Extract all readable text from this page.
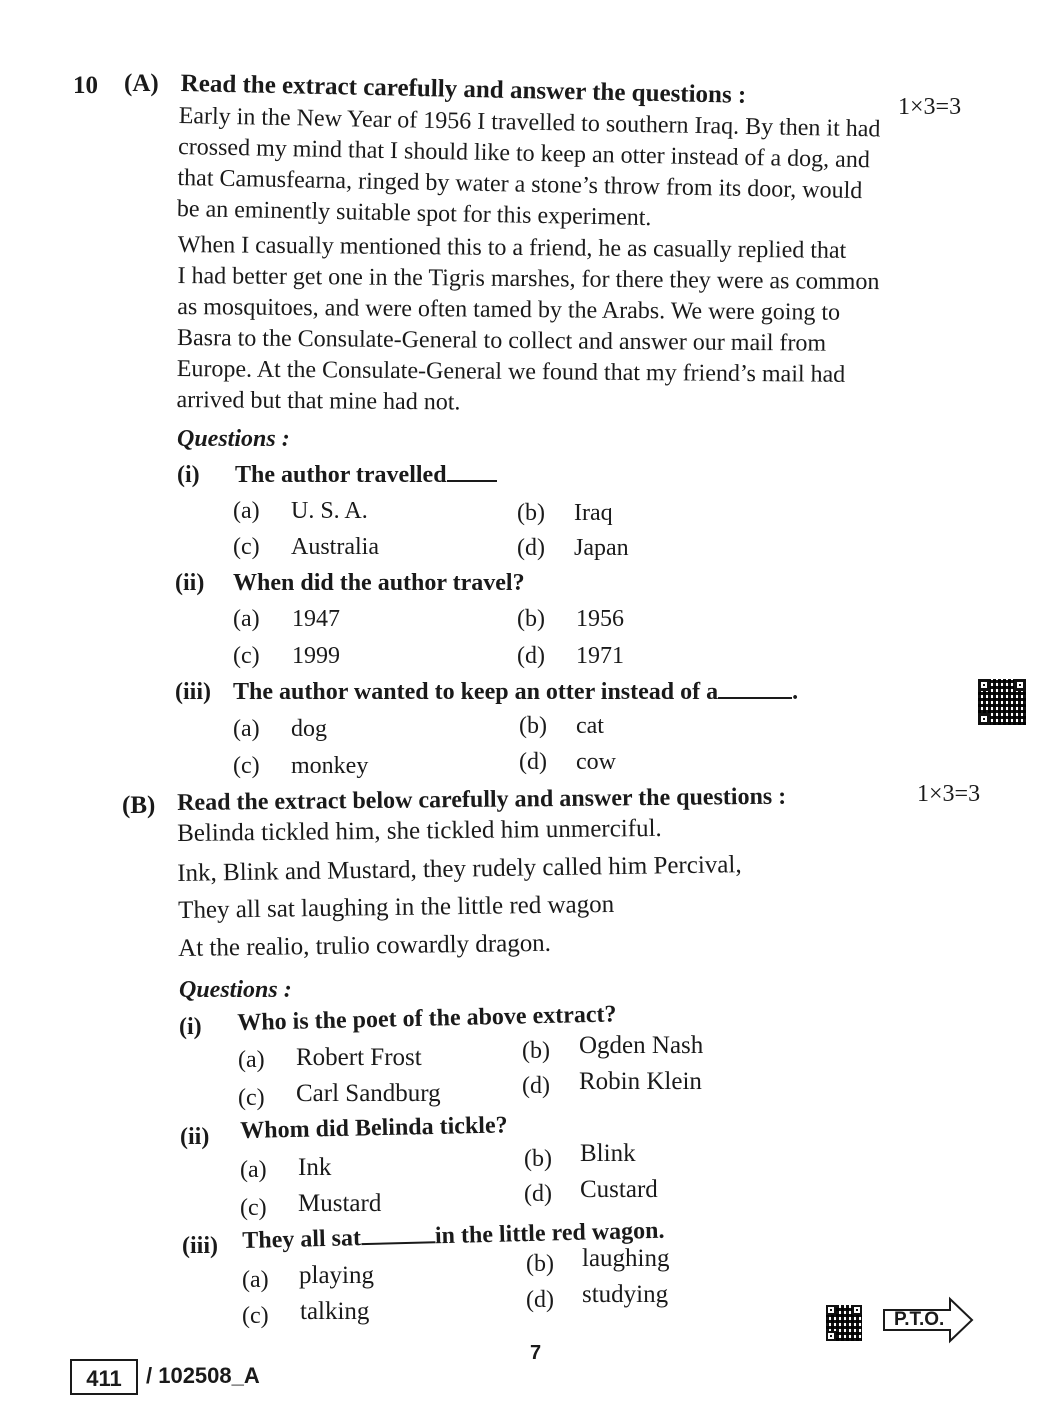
10 (A) Read the extract carefully and answer the questions :	1×3=3
Early in the New Year of 1956 I travelled to southern Iraq. By then it had
crossed my mind that I should like to keep an otter instead of a dog, and
that Camusfearna, ringed by water a stone’s throw from its door, would
be an eminently suitable spot for this experiment.
When I casually mentioned this to a friend, he as casually replied that
I had better get one in the Tigris marshes, for there they were as common
as mosquitoes, and were often tamed by the Arabs. We were going to
Basra to the Consulate-General to collect and answer our mail from
Europe. At the Consulate-General we found that my friend’s mail had
arrived but that mine had not.
Questions :
(i) The author travelled
(a) U. S. A.	(b) Iraq
(c) Australia	(d) Japan
(ii) When did the author travel?
(a) 1947	(b) 1956
(c) 1999	(d) 1971
(iii) The author wanted to keep an otter instead of a	.
(a) dog	(b) cat
(c) monkey	(d) cow
(B) Read the extract below carefully and answer the questions :	1×3=3
Belinda tickled him, she tickled him unmerciful.
Ink, Blink and Mustard, they rudely called him Percival,
They all sat laughing in the little red wagon
At the realio, trulio cowardly dragon.
Questions :
(i) Who is the poet of the above extract?
(a) Robert Frost	(b) Ogden Nash
(c) Carl Sandburg	(d) Robin Klein
(ii) Whom did Belinda tickle?
(a) Ink	(b) Blink
(c) Mustard	(d) Custard
(iii) They all sat	in the little red wagon.
(a) playing	(b) laughing
(c) talking	(d) studying
7
411	/ 102508_A
P.T.O.
